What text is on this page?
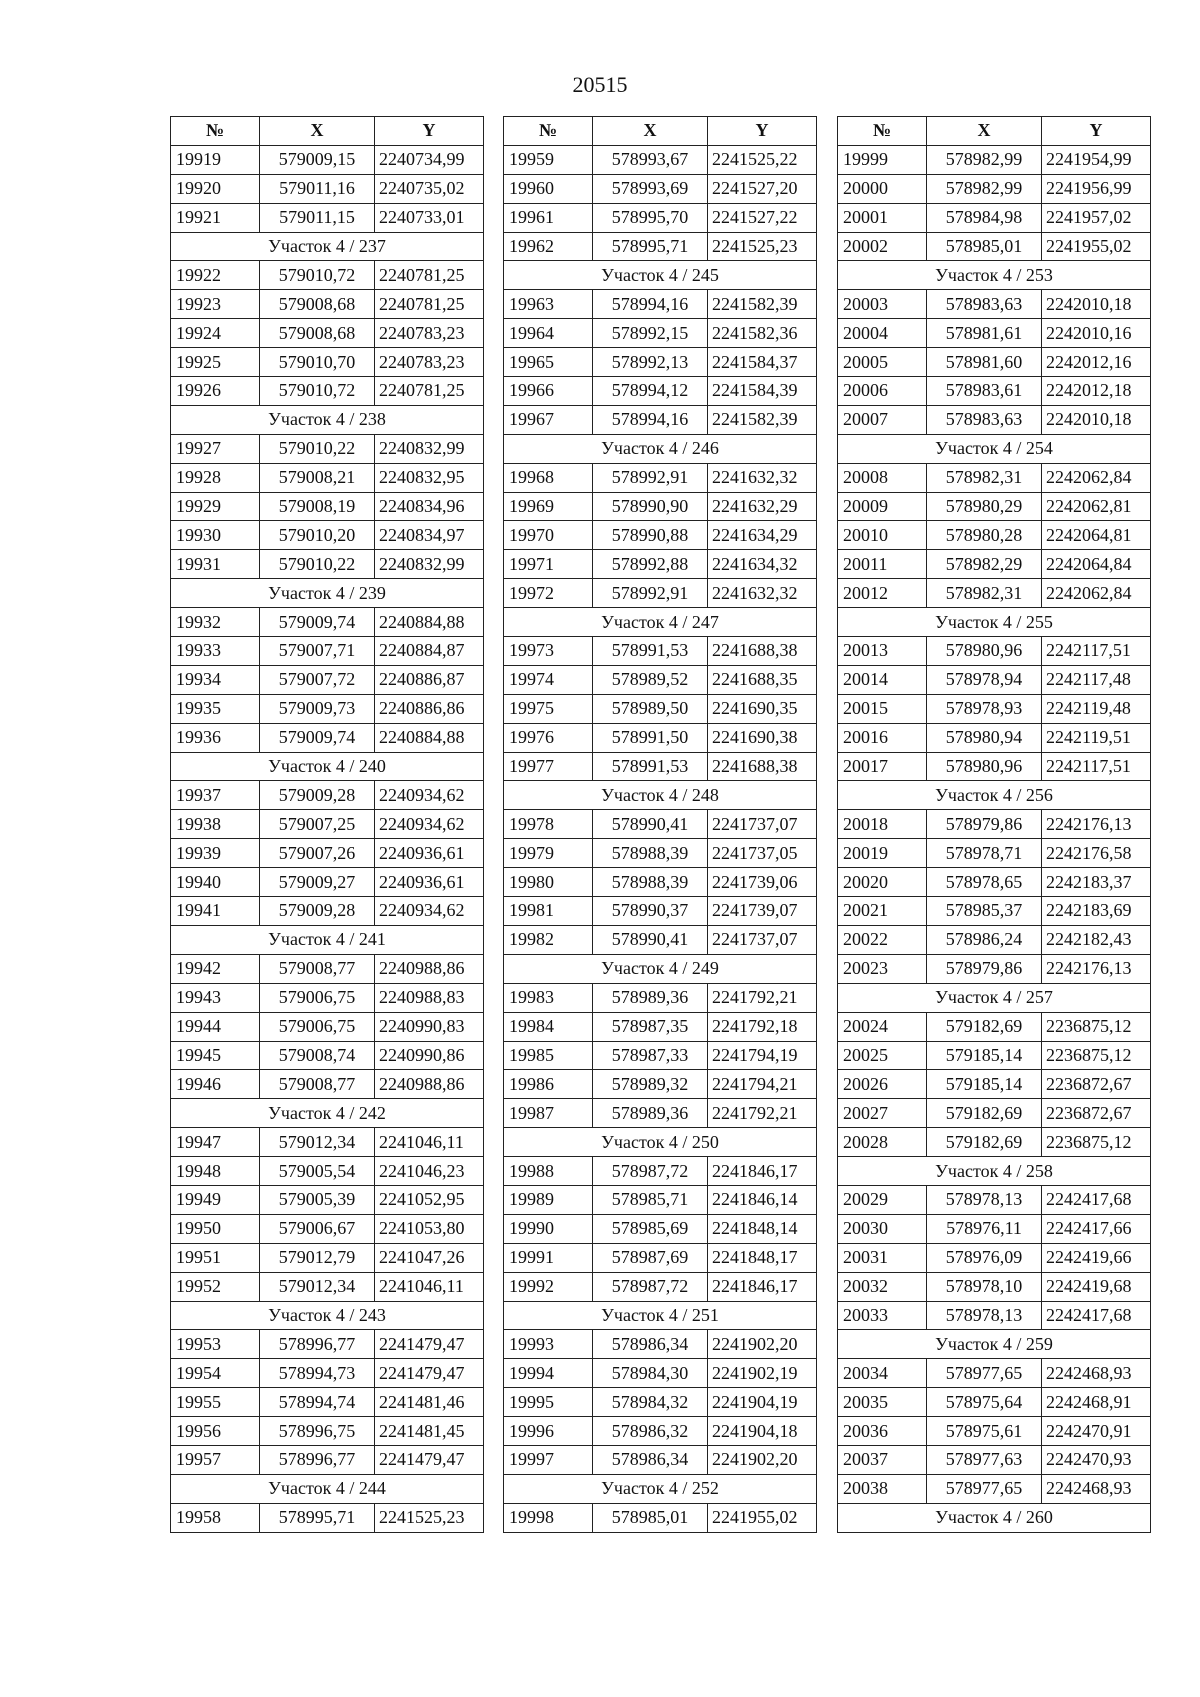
20515
№	X	Y
19919	579009,15	2240734,99
19920	579011,16	2240735,02
19921	579011,15	2240733,01
Участок 4 / 237		
19922	579010,72	2240781,25
19923	579008,68	2240781,25
19924	579008,68	2240783,23
19925	579010,70	2240783,23
19926	579010,72	2240781,25
Участок 4 / 238		
19927	579010,22	2240832,99
19928	579008,21	2240832,95
19929	579008,19	2240834,96
19930	579010,20	2240834,97
19931	579010,22	2240832,99
Участок 4 / 239		
19932	579009,74	2240884,88
19933	579007,71	2240884,87
19934	579007,72	2240886,87
19935	579009,73	2240886,86
19936	579009,74	2240884,88
Участок 4 / 240		
19937	579009,28	2240934,62
19938	579007,25	2240934,62
19939	579007,26	2240936,61
19940	579009,27	2240936,61
19941	579009,28	2240934,62
Участок 4 / 241		
19942	579008,77	2240988,86
19943	579006,75	2240988,83
19944	579006,75	2240990,83
19945	579008,74	2240990,86
19946	579008,77	2240988,86
Участок 4 / 242		
19947	579012,34	2241046,11
19948	579005,54	2241046,23
19949	579005,39	2241052,95
19950	579006,67	2241053,80
19951	579012,79	2241047,26
19952	579012,34	2241046,11
Участок 4 / 243		
19953	578996,77	2241479,47
19954	578994,73	2241479,47
19955	578994,74	2241481,46
19956	578996,75	2241481,45
19957	578996,77	2241479,47
Участок 4 / 244		
19958	578995,71	2241525,23
№	X	Y
19959	578993,67	2241525,22
19960	578993,69	2241527,20
19961	578995,70	2241527,22
19962	578995,71	2241525,23
Участок 4 / 245		
19963	578994,16	2241582,39
19964	578992,15	2241582,36
19965	578992,13	2241584,37
19966	578994,12	2241584,39
19967	578994,16	2241582,39
Участок 4 / 246		
19968	578992,91	2241632,32
19969	578990,90	2241632,29
19970	578990,88	2241634,29
19971	578992,88	2241634,32
19972	578992,91	2241632,32
Участок 4 / 247		
19973	578991,53	2241688,38
19974	578989,52	2241688,35
19975	578989,50	2241690,35
19976	578991,50	2241690,38
19977	578991,53	2241688,38
Участок 4 / 248		
19978	578990,41	2241737,07
19979	578988,39	2241737,05
19980	578988,39	2241739,06
19981	578990,37	2241739,07
19982	578990,41	2241737,07
Участок 4 / 249		
19983	578989,36	2241792,21
19984	578987,35	2241792,18
19985	578987,33	2241794,19
19986	578989,32	2241794,21
19987	578989,36	2241792,21
Участок 4 / 250		
19988	578987,72	2241846,17
19989	578985,71	2241846,14
19990	578985,69	2241848,14
19991	578987,69	2241848,17
19992	578987,72	2241846,17
Участок 4 / 251		
19993	578986,34	2241902,20
19994	578984,30	2241902,19
19995	578984,32	2241904,19
19996	578986,32	2241904,18
19997	578986,34	2241902,20
Участок 4 / 252		
19998	578985,01	2241955,02
№	X	Y
19999	578982,99	2241954,99
20000	578982,99	2241956,99
20001	578984,98	2241957,02
20002	578985,01	2241955,02
Участок 4 / 253		
20003	578983,63	2242010,18
20004	578981,61	2242010,16
20005	578981,60	2242012,16
20006	578983,61	2242012,18
20007	578983,63	2242010,18
Участок 4 / 254		
20008	578982,31	2242062,84
20009	578980,29	2242062,81
20010	578980,28	2242064,81
20011	578982,29	2242064,84
20012	578982,31	2242062,84
Участок 4 / 255		
20013	578980,96	2242117,51
20014	578978,94	2242117,48
20015	578978,93	2242119,48
20016	578980,94	2242119,51
20017	578980,96	2242117,51
Участок 4 / 256		
20018	578979,86	2242176,13
20019	578978,71	2242176,58
20020	578978,65	2242183,37
20021	578985,37	2242183,69
20022	578986,24	2242182,43
20023	578979,86	2242176,13
Участок 4 / 257		
20024	579182,69	2236875,12
20025	579185,14	2236875,12
20026	579185,14	2236872,67
20027	579182,69	2236872,67
20028	579182,69	2236875,12
Участок 4 / 258		
20029	578978,13	2242417,68
20030	578976,11	2242417,66
20031	578976,09	2242419,66
20032	578978,10	2242419,68
20033	578978,13	2242417,68
Участок 4 / 259		
20034	578977,65	2242468,93
20035	578975,64	2242468,91
20036	578975,61	2242470,91
20037	578977,63	2242470,93
20038	578977,65	2242468,93
Участок 4 / 260		
